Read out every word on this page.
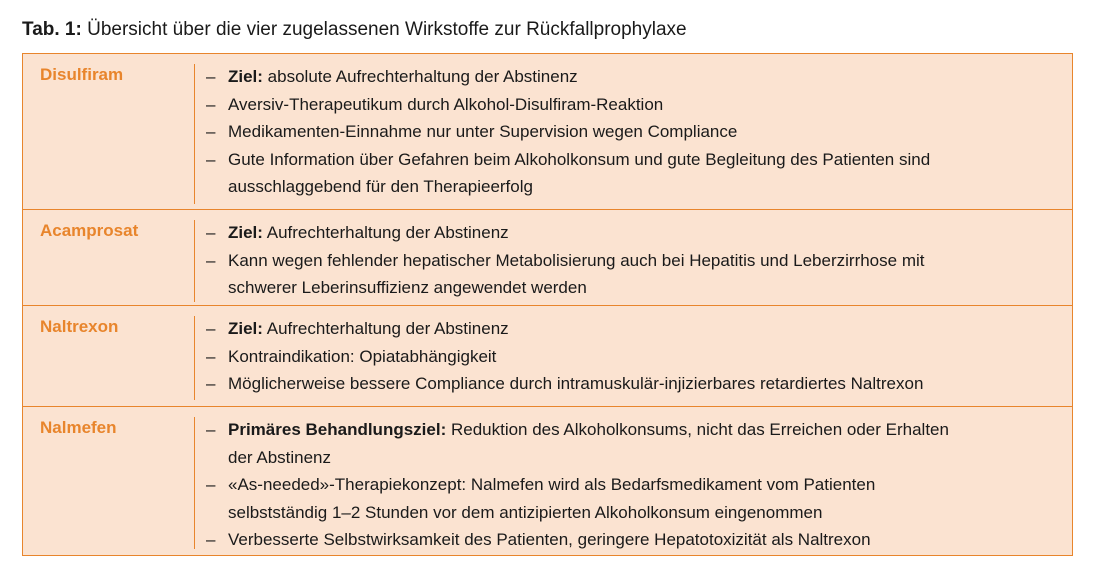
Tab. 1: Übersicht über die vier zugelassenen Wirkstoffe zur Rückfallprophylaxe
Disulfiram	– Ziel: absolute Aufrechterhaltung der Abstinenz
– Aversiv-Therapeutikum durch Alkohol-Disulfiram-Reaktion
– Medikamenten-Einnahme nur unter Supervision wegen Compliance
– Gute Information über Gefahren beim Alkoholkonsum und gute Begleitung des Patienten sind
ausschlaggebend für den Therapieerfolg
Acamprosat	– Ziel: Aufrechterhaltung der Abstinenz
– Kann wegen fehlender hepatischer Metabolisierung auch bei Hepatitis und Leberzirrhose mit
schwerer Leberinsuffizienz angewendet werden
Naltrexon	– Ziel: Aufrechterhaltung der Abstinenz
– Kontraindikation: Opiatabhängigkeit
– Möglicherweise bessere Compliance durch intramuskulär-injizierbares retardiertes Naltrexon
Nalmefen	– Primäres Behandlungsziel: Reduktion des Alkoholkonsums, nicht das Erreichen oder Erhalten
der Abstinenz
– «As-needed»-Therapiekonzept: Nalmefen wird als Bedarfsmedikament vom Patienten
selbstständig 1–2 Stunden vor dem antizipierten Alkoholkonsum eingenommen
– Verbesserte Selbstwirksamkeit des Patienten, geringere Hepatotoxizität als Naltrexon
